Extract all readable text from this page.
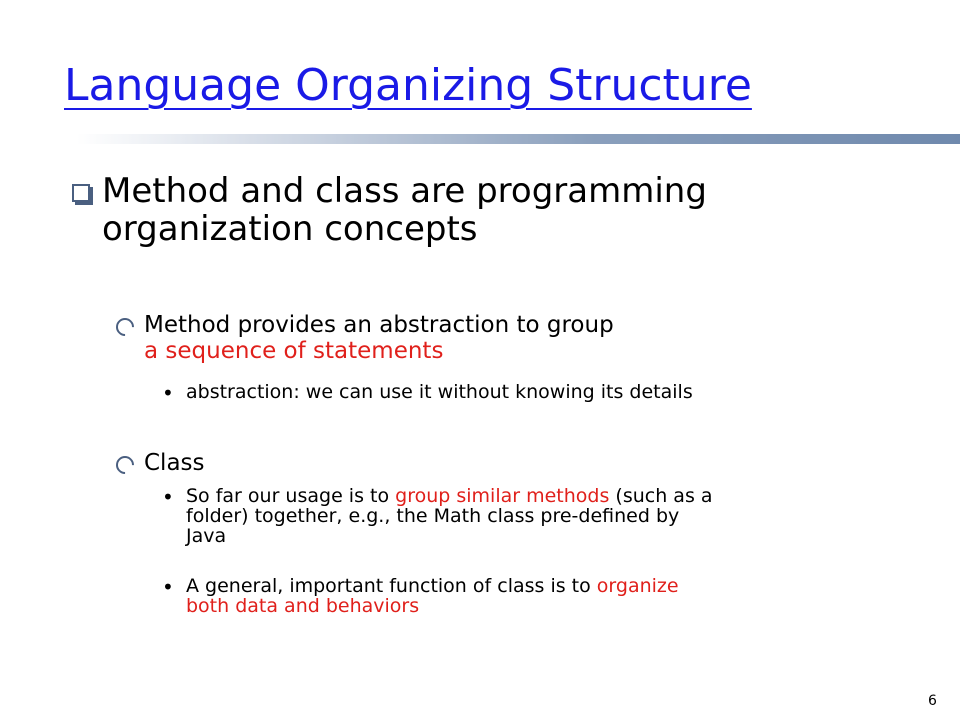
Language Organizing Structure
Method and class are programming
organization concepts
Method provides an abstraction to group
a sequence of statements
• abstraction: we can use it without knowing its details
Class
• So far our usage is to group similar methods (such as a
folder) together, e.g., the Math class pre-defined by
Java
• A general, important function of class is to organize
both data and behaviors
6
